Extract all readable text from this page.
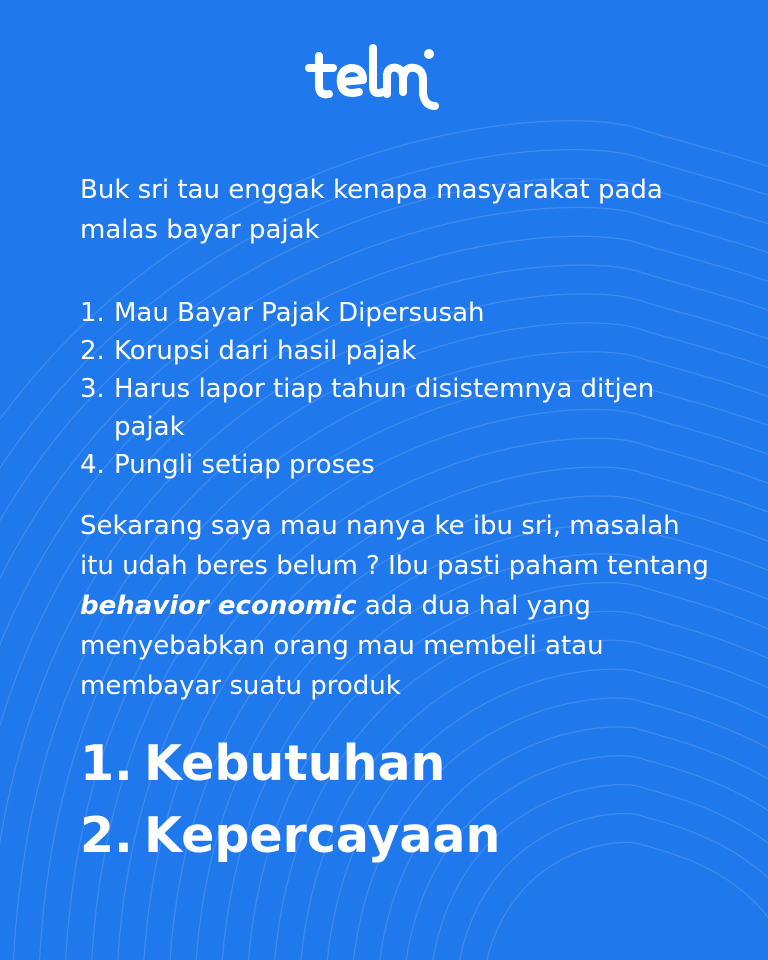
Buk sri tau enggak kenapa masyarakat pada malas bayar pajak

1. Mau Bayar Pajak Dipersusah
2. Korupsi dari hasil pajak
3. Harus lapor tiap tahun disistemnya ditjen pajak
4. Pungli setiap proses

Sekarang saya mau nanya ke ibu sri, masalah itu udah beres belum ? Ibu pasti paham tentang behavior economic ada dua hal yang menyebabkan orang mau membeli atau membayar suatu produk

1. Kebutuhan
2. Kepercayaan
